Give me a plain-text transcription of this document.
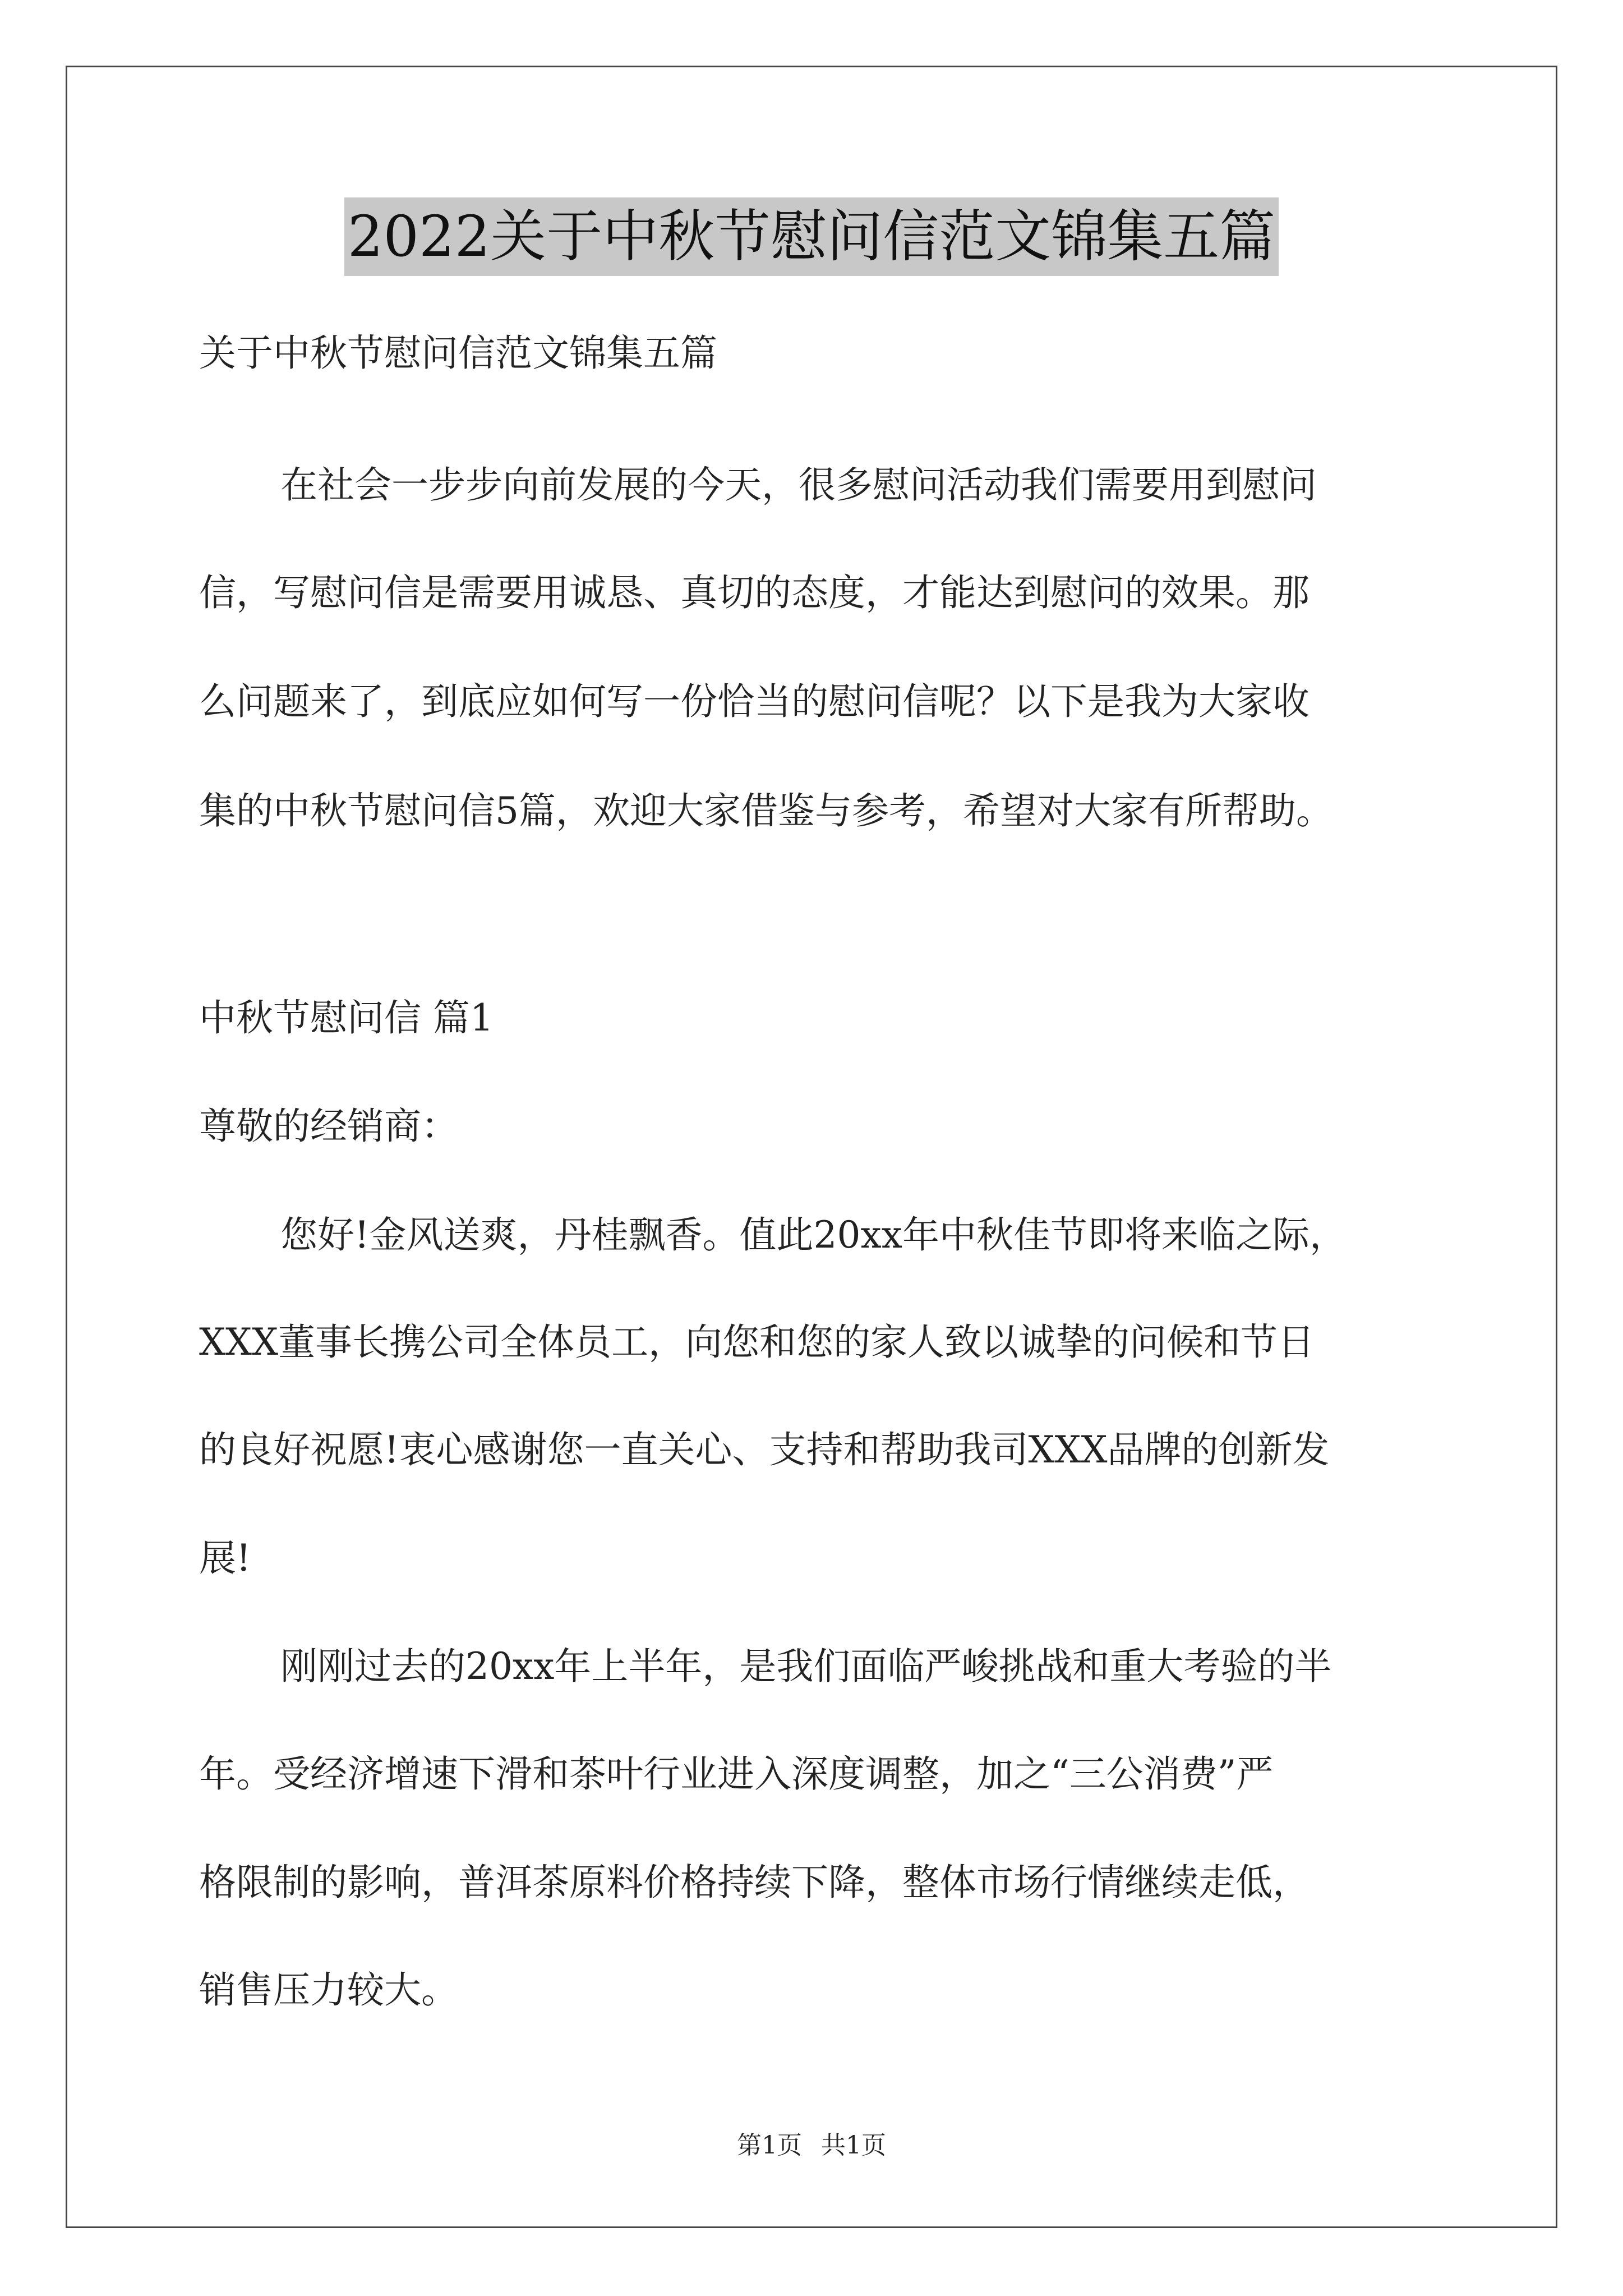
2022关于中秋节慰问信范文锦集五篇
关于中秋节慰问信范文锦集五篇
在社会一步步向前发展的今天，很多慰问活动我们需要用到慰问
信，写慰问信是需要用诚恳、真切的态度，才能达到慰问的效果。那
么问题来了，到底应如何写一份恰当的慰问信呢？以下是我为大家收
集的中秋节慰问信5篇，欢迎大家借鉴与参考，希望对大家有所帮助。
中秋节慰问信 篇1
尊敬的经销商：
您好!金风送爽，丹桂飘香。值此20xx年中秋佳节即将来临之际，
XXX董事长携公司全体员工，向您和您的家人致以诚挚的问候和节日
的良好祝愿!衷心感谢您一直关心、支持和帮助我司XXX品牌的创新发
展!
刚刚过去的20xx年上半年，是我们面临严峻挑战和重大考验的半
年。受经济增速下滑和茶叶行业进入深度调整，加之“三公消费”严
格限制的影响，普洱茶原料价格持续下降，整体市场行情继续走低，
销售压力较大。
第1页 共1页
